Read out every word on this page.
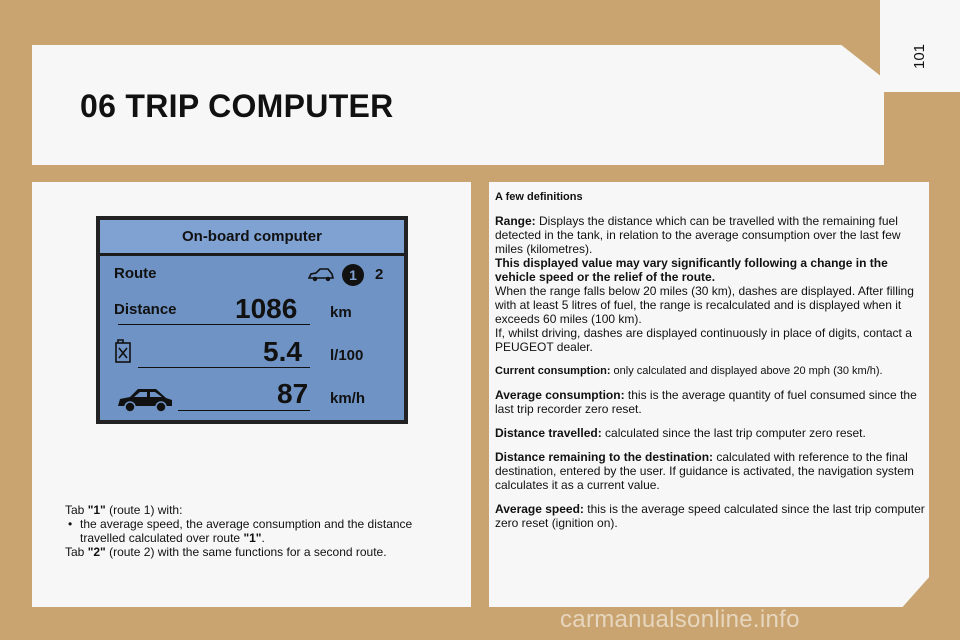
101
06 TRIP COMPUTER
On-board computer
Route	1	2
Distance 1086 km
5.4 l/100
87 km/h
Tab "1" (route 1) with:
• the average speed, the average consumption and the distance
travelled calculated over route "1".
Tab "2" (route 2) with the same functions for a second route.

A few definitions

Range: Displays the distance which can be travelled with the remaining fuel detected in the tank, in relation to the average consumption over the last few miles (kilometres).

This displayed value may vary significantly following a change in the vehicle speed or the relief of the route.

When the range falls below 20 miles (30 km), dashes are displayed. After filling with at least 5 litres of fuel, the range is recalculated and is displayed when it exceeds 60 miles (100 km).

If, whilst driving, dashes are displayed continuously in place of digits, contact a PEUGEOT dealer.

Current consumption: only calculated and displayed above 20 mph (30 km/h).

Average consumption: this is the average quantity of fuel consumed since the last trip recorder zero reset.

Distance travelled: calculated since the last trip computer zero reset.

Distance remaining to the destination: calculated with reference to the final destination, entered by the user. If guidance is activated, the navigation system calculates it as a current value.

Average speed: this is the average speed calculated since the last trip computer zero reset (ignition on).

carmanualsonline.info
